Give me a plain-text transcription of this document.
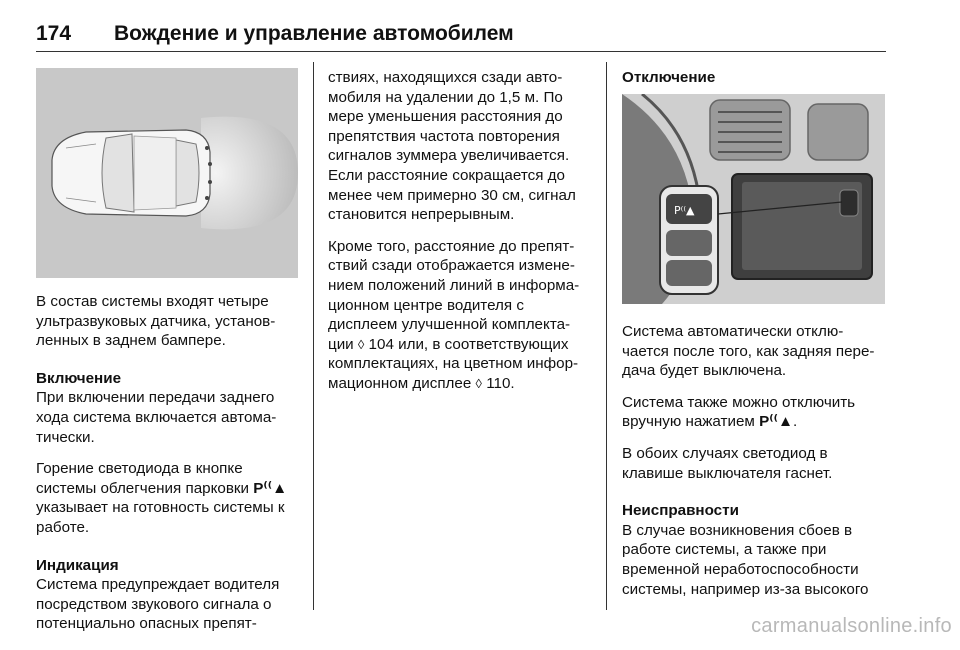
174 Вождение и управление автомобилем

В состав системы входят четыре
ультразвуковых датчика, установ-
ленных в заднем бампере.

Включение

При включении передачи заднего
хода система включается автома-
тически.

Горение светодиода в кнопке
системы облегчения парковки P⁽⁽▲
указывает на готовность системы к
работе.

Индикация

Система предупреждает водителя
посредством звукового сигнала о
потенциально опасных препят-

ствиях, находящихся сзади авто-
мобиля на удалении до 1,5 м. По
мере уменьшения расстояния до
препятствия частота повторения
сигналов зуммера увеличивается.
Если расстояние сокращается до
менее чем примерно 30 см, сигнал
становится непрерывным.

Кроме того, расстояние до препят-
ствий сзади отображается измене-
нием положений линий в информа-
ционном центре водителя с
дисплеем улучшенной комплекта-
ции ◊ 104 или, в соответствующих
комплектациях, на цветном инфор-
мационном дисплее ◊ 110.

Отключение
P⁽⁽▲

Система автоматически отклю-
чается после того, как задняя пере-
дача будет выключена.

Система также можно отключить
вручную нажатием P⁽⁽▲.

В обоих случаях светодиод в
клавише выключателя гаснет.

Неисправности

В случае возникновения сбоев в
работе системы, а также при
временной неработоспособности
системы, например из-за высокого

carmanualsonline.info
